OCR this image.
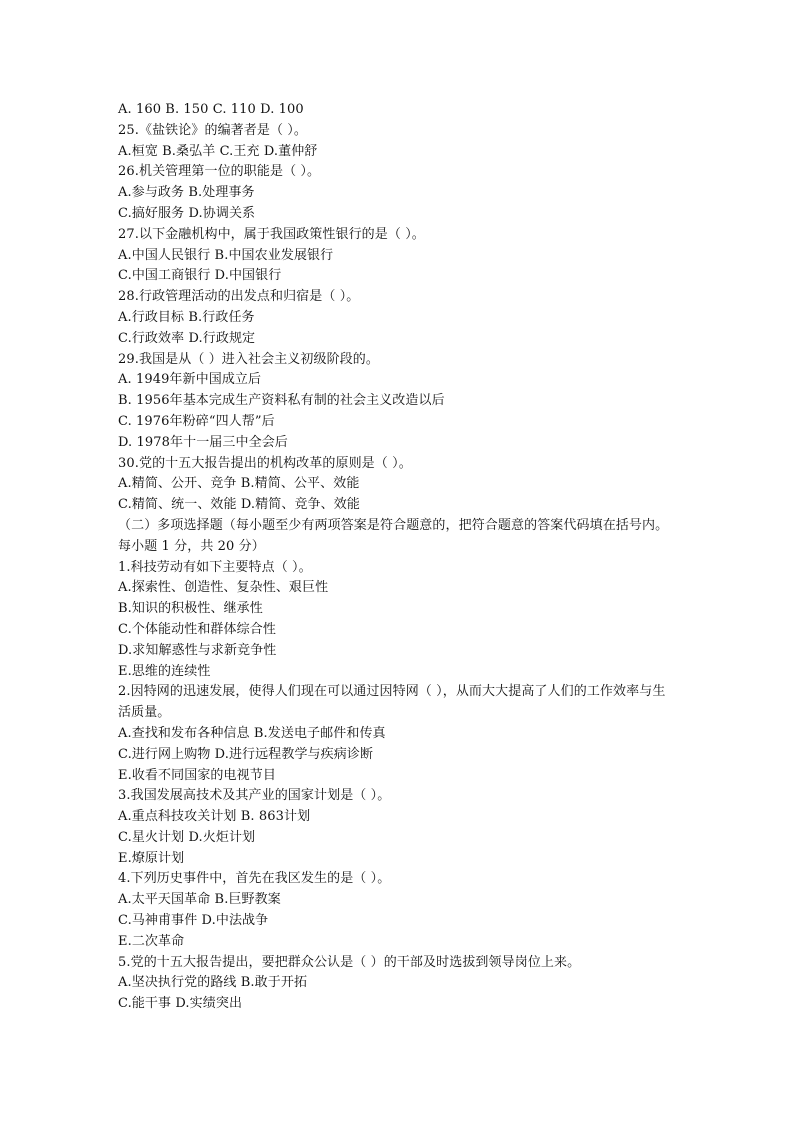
A. 160 B. 150 C. 110 D. 100
25.《盐铁论》的编著者是（ ）。
A.桓宽 B.桑弘羊 C.王充 D.董仲舒
26.机关管理第一位的职能是（ ）。
A.参与政务 B.处理事务
C.搞好服务 D.协调关系
27.以下金融机构中，属于我国政策性银行的是（ ）。
A.中国人民银行 B.中国农业发展银行
C.中国工商银行 D.中国银行
28.行政管理活动的出发点和归宿是（ ）。
A.行政目标 B.行政任务
C.行政效率 D.行政规定
29.我国是从（ ）进入社会主义初级阶段的。
A. 1949年新中国成立后
B. 1956年基本完成生产资料私有制的社会主义改造以后
C. 1976年粉碎“四人帮”后
D. 1978年十一届三中全会后
30.党的十五大报告提出的机构改革的原则是（ ）。
A.精简、公开、竞争 B.精简、公平、效能
C.精简、统一、效能 D.精简、竞争、效能
（二）多项选择题（每小题至少有两项答案是符合题意的，把符合题意的答案代码填在括号内。每小题 1 分，共 20 分）
1.科技劳动有如下主要特点（ ）。
A.探索性、创造性、复杂性、艰巨性
B.知识的积极性、继承性
C.个体能动性和群体综合性
D.求知解惑性与求新竞争性
E.思维的连续性
2.因特网的迅速发展，使得人们现在可以通过因特网（ ），从而大大提高了人们的工作效率与生活质量。
A.查找和发布各种信息 B.发送电子邮件和传真
C.进行网上购物 D.进行远程教学与疾病诊断
E.收看不同国家的电视节目
3.我国发展高技术及其产业的国家计划是（ ）。
A.重点科技攻关计划 B. 863计划
C.星火计划 D.火炬计划
E.燎原计划
4.下列历史事件中，首先在我区发生的是（ ）。
A.太平天国革命 B.巨野教案
C.马神甫事件 D.中法战争
E.二次革命
5.党的十五大报告提出，要把群众公认是（ ）的干部及时选拔到领导岗位上来。
A.坚决执行党的路线 B.敢于开拓
C.能干事 D.实绩突出
